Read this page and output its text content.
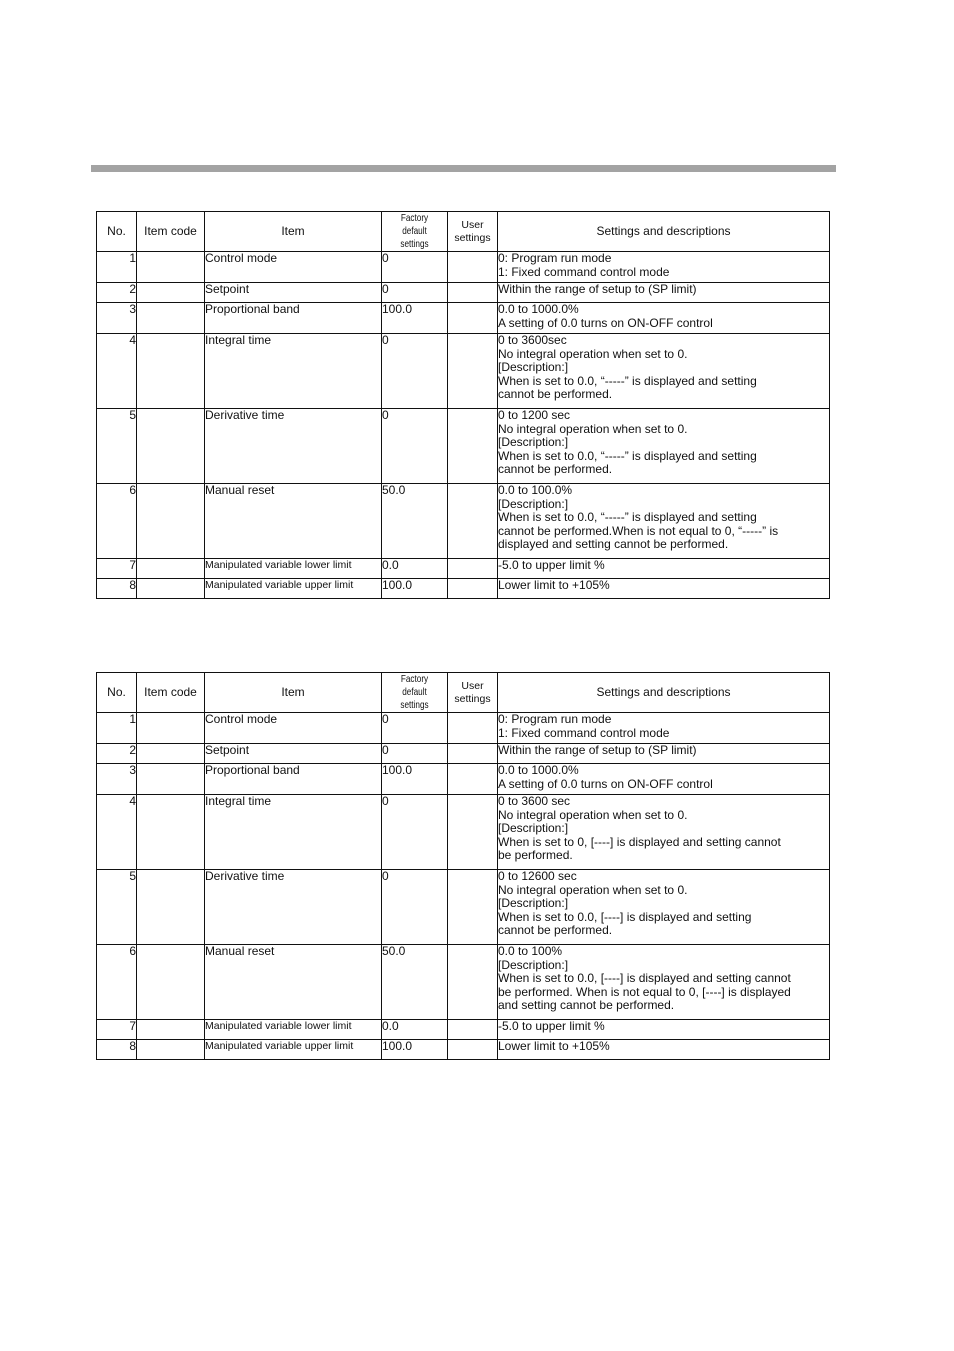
No.	Item code	Item	Factory default settings	User settings	Settings and descriptions
1		Control mode	0		0: Program run mode
1: Fixed command control mode
2		Setpoint	0		Within the range of setup to (SP limit)
3		Proportional band	100.0		0.0 to 1000.0%
A setting of 0.0 turns on ON-OFF control
4		Integral time	0		0 to 3600sec
No integral operation when set to 0.
[Description:]
When is set to 0.0, “-----” is displayed and setting
cannot be performed.
5		Derivative time	0		0 to 1200 sec
No integral operation when set to 0.
[Description:]
When is set to 0.0, “-----” is displayed and setting
cannot be performed.
6		Manual reset	50.0		0.0 to 100.0%
[Description:]
When is set to 0.0, “-----” is displayed and setting
cannot be performed.When is not equal to 0, “-----” is
displayed and setting cannot be performed.
7		Manipulated variable lower limit	0.0		-5.0 to upper limit %
8		Manipulated variable upper limit	100.0		Lower limit to +105%
No.	Item code	Item	Factory default settings	User settings	Settings and descriptions
1		Control mode	0		0: Program run mode
1: Fixed command control mode
2		Setpoint	0		Within the range of setup to (SP limit)
3		Proportional band	100.0		0.0 to 1000.0%
A setting of 0.0 turns on ON-OFF control
4		Integral time	0		0 to 3600 sec
No integral operation when set to 0.
[Description:]
When is set to 0, [----] is displayed and setting cannot
be performed.
5		Derivative time	0		0 to 12600 sec
No integral operation when set to 0.
[Description:]
When is set to 0.0, [----] is displayed and setting
cannot be performed.
6		Manual reset	50.0		0.0 to 100%
[Description:]
When is set to 0.0, [----] is displayed and setting cannot
be performed. When is not equal to 0, [----] is displayed
and setting cannot be performed.
7		Manipulated variable lower limit	0.0		-5.0 to upper limit %
8		Manipulated variable upper limit	100.0		Lower limit to +105%
